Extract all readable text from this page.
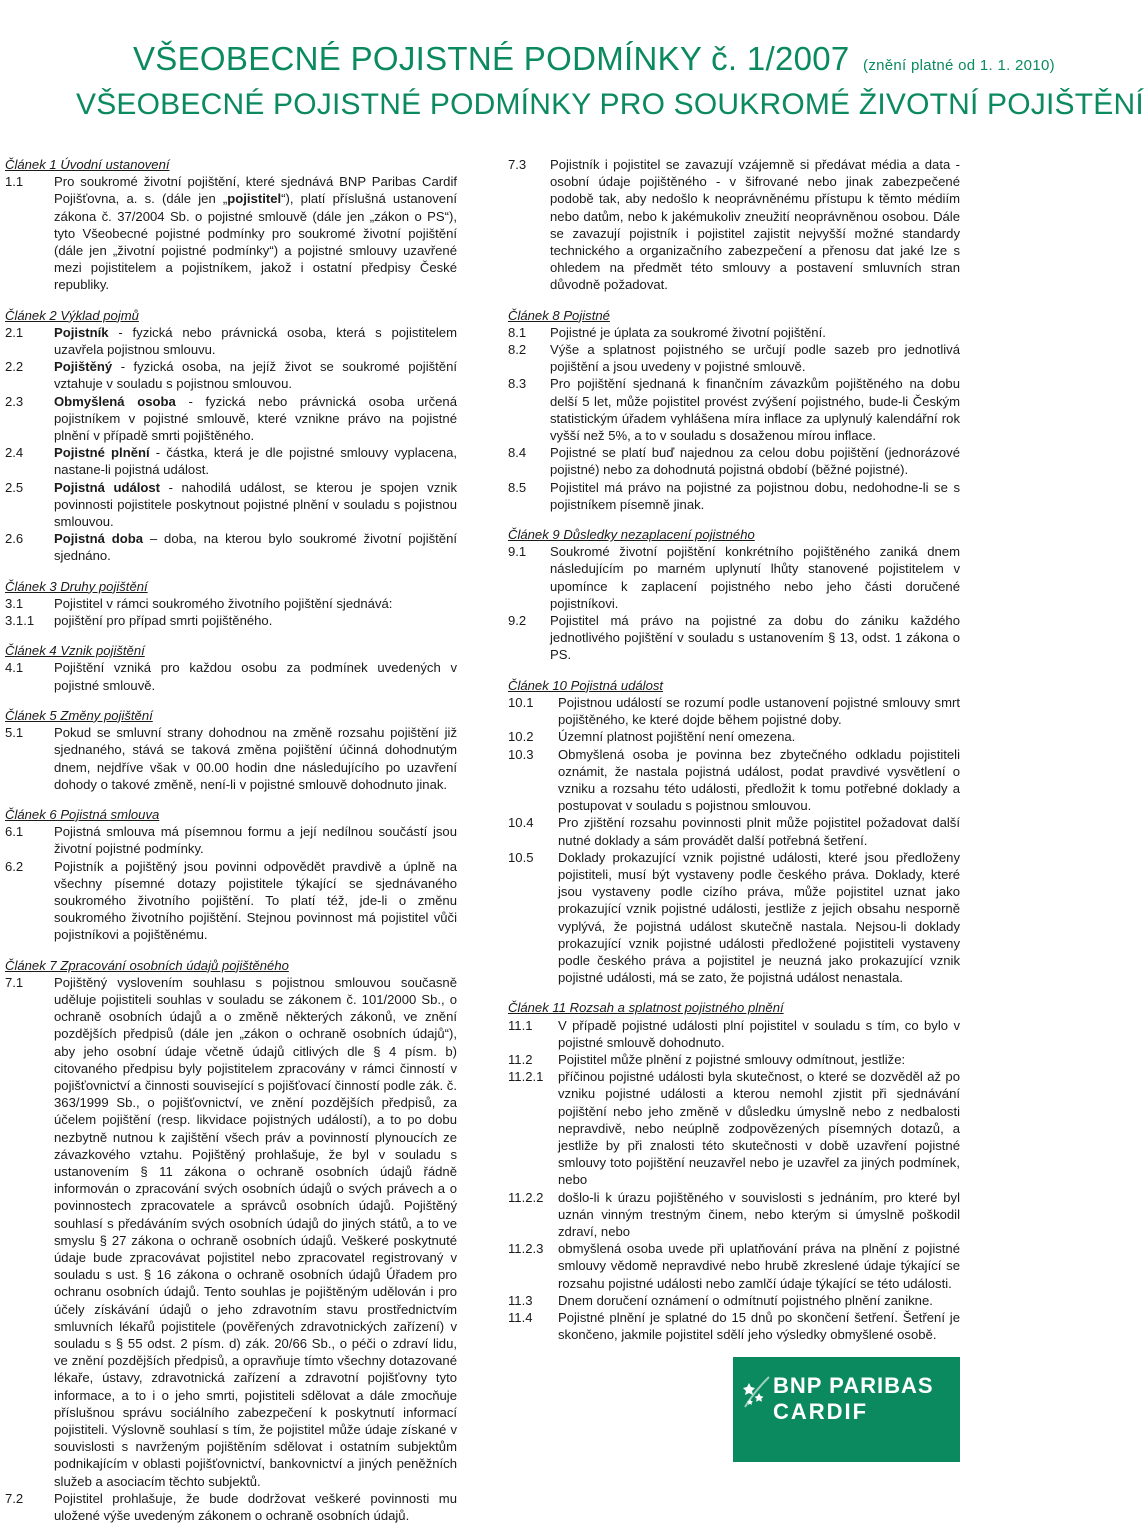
VŠEOBECNÉ POJISTNÉ PODMÍNKY č. 1/2007 (znění platné od 1. 1. 2010)
VŠEOBECNÉ POJISTNÉ PODMÍNKY PRO SOUKROMÉ ŽIVOTNÍ POJIŠTĚNÍ
Článek 1 Úvodní ustanovení
1.1	Pro soukromé životní pojištění, které sjednává BNP Paribas Cardif Pojišťovna, a. s. (dále jen „pojistitel“), platí příslušná ustanovení zákona č. 37/2004 Sb. o pojistné smlouvě (dále jen „zákon o PS“), tyto Všeobecné pojistné podmínky pro soukromé životní pojištění (dále jen „životní pojistné podmínky“) a pojistné smlouvy uzavřené mezi pojistitelem a pojistníkem, jakož i ostatní předpisy České republiky.
Článek 2 Výklad pojmů
2.1	Pojistník - fyzická nebo právnická osoba, která s pojistitelem uzavřela pojistnou smlouvu.
2.2	Pojištěný - fyzická osoba, na jejíž život se soukromé pojištění vztahuje v souladu s pojistnou smlouvou.
2.3	Obmyšlená osoba - fyzická nebo právnická osoba určená pojistníkem v pojistné smlouvě, které vznikne právo na pojistné plnění v případě smrti pojištěného.
2.4	Pojistné plnění - částka, která je dle pojistné smlouvy vyplacena, nastane-li pojistná událost.
2.5	Pojistná událost - nahodilá událost, se kterou je spojen vznik povinnosti pojistitele poskytnout pojistné plnění v souladu s pojistnou smlouvou.
2.6	Pojistná doba – doba, na kterou bylo soukromé životní pojištění sjednáno.
Článek 3 Druhy pojištění
3.1	Pojistitel v rámci soukromého životního pojištění sjednává:
3.1.1	pojištění pro případ smrti pojištěného.
Článek 4 Vznik pojištění
4.1	Pojištění vzniká pro každou osobu za podmínek uvedených v pojistné smlouvě.
Článek 5 Změny pojištění
5.1	Pokud se smluvní strany dohodnou na změně rozsahu pojištění již sjednaného, stává se taková změna pojištění účinná dohodnutým dnem, nejdříve však v 00.00 hodin dne následujícího po uzavření dohody o takové změně, není-li v pojistné smlouvě dohodnuto jinak.
Článek 6 Pojistná smlouva
6.1	Pojistná smlouva má písemnou formu a její nedílnou součástí jsou životní pojistné podmínky.
6.2	Pojistník a pojištěný jsou povinni odpovědět pravdivě a úplně na všechny písemné dotazy pojistitele týkající se sjednávaného soukromého životního pojištění. To platí též, jde-li o změnu soukromého životního pojištění. Stejnou povinnost má pojistitel vůči pojistníkovi a pojištěnému.
Článek 7 Zpracování osobních údajů pojištěného
7.1	Pojištěný vyslovením souhlasu s pojistnou smlouvou současně uděluje pojistiteli souhlas v souladu se zákonem č. 101/2000 Sb., o ochraně osobních údajů a o změně některých zákonů, ve znění pozdějších předpisů (dále jen „zákon o ochraně osobních údajů“), aby jeho osobní údaje včetně údajů citlivých dle § 4 písm. b) citovaného předpisu byly pojistitelem zpracovány v rámci činností v pojišťovnictví a činnosti související s pojišťovací činností podle zák. č. 363/1999 Sb., o pojišťovnictví, ve znění pozdějších předpisů, za účelem pojištění (resp. likvidace pojistných událostí), a to po dobu nezbytně nutnou k zajištění všech práv a povinností plynoucích ze závazkového vztahu. Pojištěný prohlašuje, že byl v souladu s ustanovením § 11 zákona o ochraně osobních údajů řádně informován o zpracování svých osobních údajů o svých právech a o povinnostech zpracovatele a správců osobních údajů. Pojištěný souhlasí s předáváním svých osobních údajů do jiných států, a to ve smyslu § 27 zákona o ochraně osobních údajů. Veškeré poskytnuté údaje bude zpracovávat pojistitel nebo zpracovatel registrovaný v souladu s ust. § 16 zákona o ochraně osobních údajů Úřadem pro ochranu osobních údajů. Tento souhlas je pojištěným udělován i pro účely získávání údajů o jeho zdravotním stavu prostřednictvím smluvních lékařů pojistitele (pověřených zdravotnických zařízení) v souladu s § 55 odst. 2 písm. d) zák. 20/66 Sb., o péči o zdraví lidu, ve znění pozdějších předpisů, a opravňuje tímto všechny dotazované lékaře, ústavy, zdravotnická zařízení a zdravotní pojišťovny tyto informace, a to i o jeho smrti, pojistiteli sdělovat a dále zmocňuje příslušnou správu sociálního zabezpečení k poskytnutí informací pojistiteli. Výslovně souhlasí s tím, že pojistitel může údaje získané v souvislosti s navrženým pojištěním sdělovat i ostatním subjektům podnikajícím v oblasti pojišťovnictví, bankovnictví a jiných peněžních služeb a asociacím těchto subjektů.
7.2	Pojistitel prohlašuje, že bude dodržovat veškeré povinnosti mu uložené výše uvedeným zákonem o ochraně osobních údajů.
7.3	Pojistník i pojistitel se zavazují vzájemně si předávat média a data - osobní údaje pojištěného - v šifrované nebo jinak zabezpečené podobě tak, aby nedošlo k neoprávněnému přístupu k těmto médiím nebo datům, nebo k jakémukoliv zneužití neoprávněnou osobou. Dále se zavazují pojistník i pojistitel zajistit nejvyšší možné standardy technického a organizačního zabezpečení a přenosu dat jaké lze s ohledem na předmět této smlouvy a postavení smluvních stran důvodně požadovat.
Článek 8 Pojistné
8.1	Pojistné je úplata za soukromé životní pojištění.
8.2	Výše a splatnost pojistného se určují podle sazeb pro jednotlivá pojištění a jsou uvedeny v pojistné smlouvě.
8.3	Pro pojištění sjednaná k finančním závazkům pojištěného na dobu delší 5 let, může pojistitel provést zvýšení pojistného, bude-li Českým statistickým úřadem vyhlášena míra inflace za uplynulý kalendářní rok vyšší než 5%, a to v souladu s dosaženou mírou inflace.
8.4	Pojistné se platí buď najednou za celou dobu pojištění (jednorázové pojistné) nebo za dohodnutá pojistná období (běžné pojistné).
8.5	Pojistitel má právo na pojistné za pojistnou dobu, nedohodne-li se s pojistníkem písemně jinak.
Článek 9 Důsledky nezaplacení pojistného
9.1	Soukromé životní pojištění konkrétního pojištěného zaniká dnem následujícím po marném uplynutí lhůty stanovené pojistitelem v upomínce k zaplacení pojistného nebo jeho části doručené pojistníkovi.
9.2	Pojistitel má právo na pojistné za dobu do zániku každého jednotlivého pojištění v souladu s ustanovením § 13, odst. 1 zákona o PS.
Článek 10 Pojistná událost
10.1	Pojistnou událostí se rozumí podle ustanovení pojistné smlouvy smrt pojištěného, ke které dojde během pojistné doby.
10.2	Územní platnost pojištění není omezena.
10.3	Obmyšlená osoba je povinna bez zbytečného odkladu pojistiteli oznámit, že nastala pojistná událost, podat pravdivé vysvětlení o vzniku a rozsahu této události, předložit k tomu potřebné doklady a postupovat v souladu s pojistnou smlouvou.
10.4	Pro zjištění rozsahu povinnosti plnit může pojistitel požadovat další nutné doklady a sám provádět další potřebná šetření.
10.5	Doklady prokazující vznik pojistné události, které jsou předloženy pojistiteli, musí být vystaveny podle českého práva. Doklady, které jsou vystaveny podle cizího práva, může pojistitel uznat jako prokazující vznik pojistné události, jestliže z jejich obsahu nesporně vyplývá, že pojistná událost skutečně nastala. Nejsou-li doklady prokazující vznik pojistné události předložené pojistiteli vystaveny podle českého práva a pojistitel je neuzná jako prokazující vznik pojistné události, má se zato, že pojistná událost nenastala.
Článek 11 Rozsah a splatnost pojistného plnění
11.1	V případě pojistné události plní pojistitel v souladu s tím, co bylo v pojistné smlouvě dohodnuto.
11.2	Pojistitel může plnění z pojistné smlouvy odmítnout, jestliže:
11.2.1	příčinou pojistné události byla skutečnost, o které se dozvěděl až po vzniku pojistné události a kterou nemohl zjistit při sjednávání pojištění nebo jeho změně v důsledku úmyslně nebo z nedbalosti nepravdivě, nebo neúplně zodpovězených písemných dotazů, a jestliže by při znalosti této skutečnosti v době uzavření pojistné smlouvy toto pojištění neuzavřel nebo je uzavřel za jiných podmínek, nebo
11.2.2	došlo-li k úrazu pojištěného v souvislosti s jednáním, pro které byl uznán vinným trestným činem, nebo kterým si úmyslně poškodil zdraví, nebo
11.2.3	obmyšlená osoba uvede při uplatňování práva na plnění z pojistné smlouvy vědomě nepravdivé nebo hrubě zkreslené údaje týkající se rozsahu pojistné události nebo zamlčí údaje týkající se této události.
11.3	Dnem doručení oznámení o odmítnutí pojistného plnění zanikne.
11.4	Pojistné plnění je splatné do 15 dnů po skončení šetření. Šetření je skončeno, jakmile pojistitel sdělí jeho výsledky obmyšlené osobě.
BNP PARIBAS
CARDIF
